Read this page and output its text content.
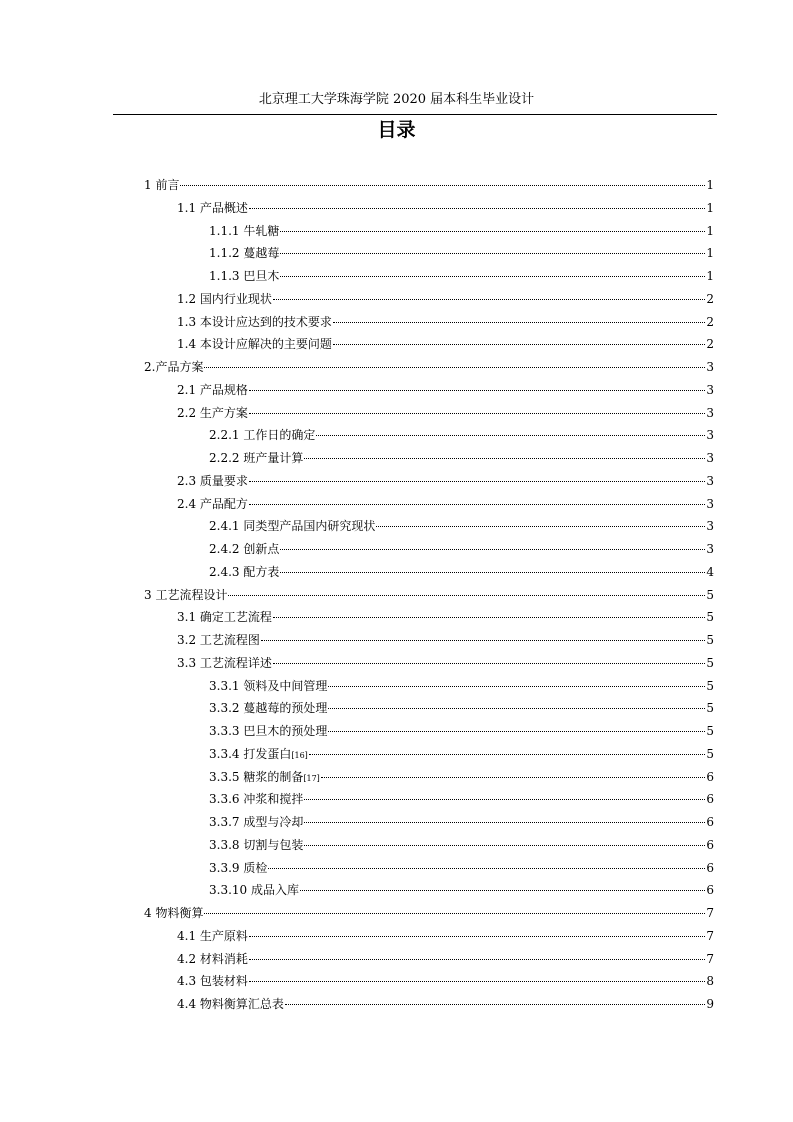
北京理工大学珠海学院 2020 届本科生毕业设计
目录
1 前言	1
1.1 产品概述	1
1.1.1 牛轧糖	1
1.1.2 蔓越莓	1
1.1.3 巴旦木	1
1.2 国内行业现状	2
1.3 本设计应达到的技术要求	2
1.4 本设计应解决的主要问题	2
2.产品方案	3
2.1 产品规格	3
2.2 生产方案	3
2.2.1 工作日的确定	3
2.2.2 班产量计算	3
2.3 质量要求	3
2.4 产品配方	3
2.4.1 同类型产品国内研究现状	3
2.4.2 创新点	3
2.4.3 配方表	4
3 工艺流程设计	5
3.1 确定工艺流程	5
3.2 工艺流程图	5
3.3 工艺流程详述	5
3.3.1 领料及中间管理	5
3.3.2 蔓越莓的预处理	5
3.3.3 巴旦木的预处理	5
3.3.4 打发蛋白 [16]	5
3.3.5 糖浆的制备 [17]	6
3.3.6 冲浆和搅拌	6
3.3.7 成型与冷却	6
3.3.8 切割与包装	6
3.3.9 质检	6
3.3.10 成品入库	6
4 物料衡算	7
4.1 生产原料	7
4.2 材料消耗	7
4.3 包装材料	8
4.4 物料衡算汇总表	9
